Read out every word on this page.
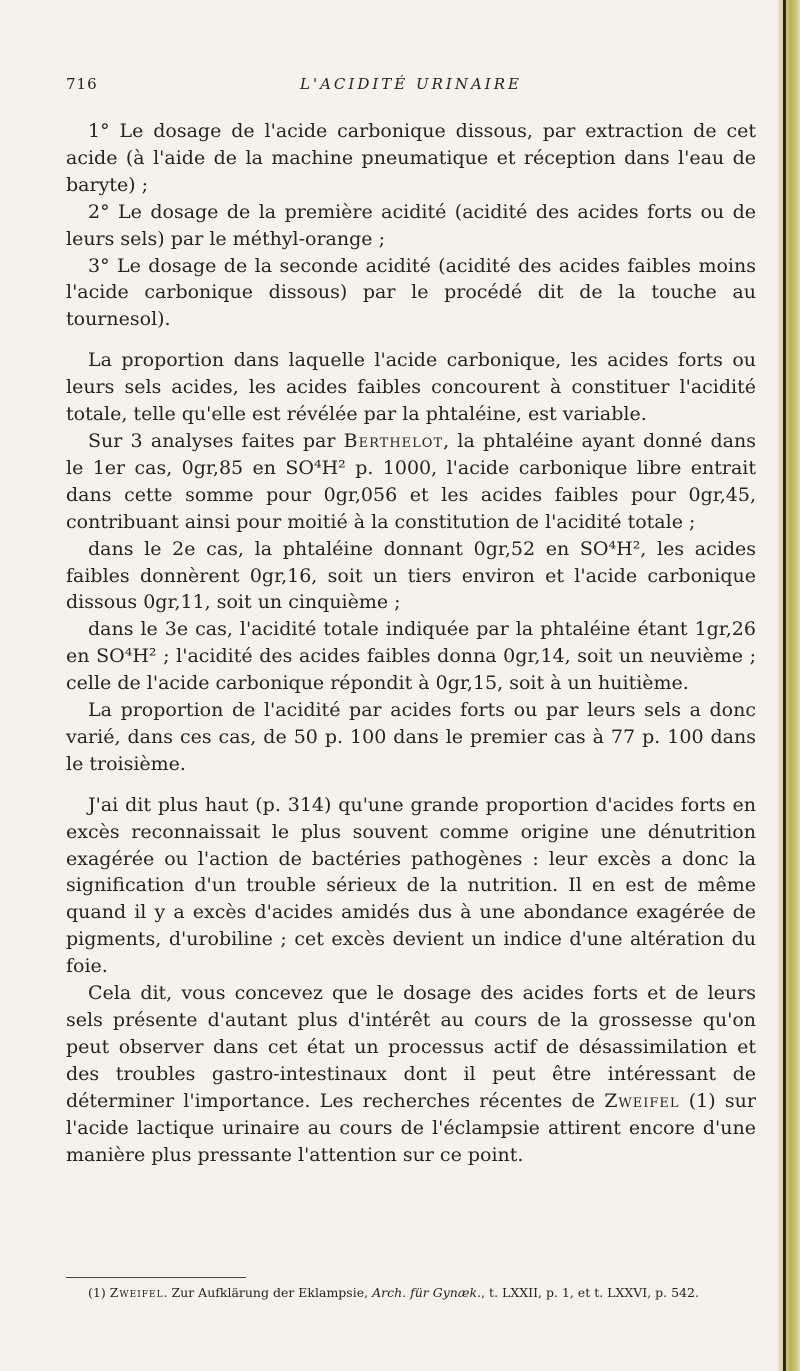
716	L'ACIDITÉ URINAIRE

1° Le dosage de l'acide carbonique dissous, par extraction de cet acide (à l'aide de la machine pneumatique et réception dans l'eau de baryte) ;

2° Le dosage de la première acidité (acidité des acides forts ou de leurs sels) par le méthyl-orange ;

3° Le dosage de la seconde acidité (acidité des acides faibles moins l'acide carbonique dissous) par le procédé dit de la touche au tournesol).

La proportion dans laquelle l'acide carbonique, les acides forts ou leurs sels acides, les acides faibles concourent à constituer l'acidité totale, telle qu'elle est révélée par la phtaléine, est variable.

Sur 3 analyses faites par Berthelot, la phtaléine ayant donné dans le 1er cas, 0gr,85 en SO⁴H² p. 1000, l'acide carbonique libre entrait dans cette somme pour 0gr,056 et les acides faibles pour 0gr,45, contribuant ainsi pour moitié à la constitution de l'acidité totale ;

dans le 2e cas, la phtaléine donnant 0gr,52 en SO⁴H², les acides faibles donnèrent 0gr,16, soit un tiers environ et l'acide carbonique dissous 0gr,11, soit un cinquième ;

dans le 3e cas, l'acidité totale indiquée par la phtaléine étant 1gr,26 en SO⁴H² ; l'acidité des acides faibles donna 0gr,14, soit un neuvième ; celle de l'acide carbonique répondit à 0gr,15, soit à un huitième.

La proportion de l'acidité par acides forts ou par leurs sels a donc varié, dans ces cas, de 50 p. 100 dans le premier cas à 77 p. 100 dans le troisième.

J'ai dit plus haut (p. 314) qu'une grande proportion d'acides forts en excès reconnaissait le plus souvent comme origine une dénutrition exagérée ou l'action de bactéries pathogènes : leur excès a donc la signification d'un trouble sérieux de la nutrition. Il en est de même quand il y a excès d'acides amidés dus à une abondance exagérée de pigments, d'urobiline ; cet excès devient un indice d'une altération du foie.

Cela dit, vous concevez que le dosage des acides forts et de leurs sels présente d'autant plus d'intérêt au cours de la grossesse qu'on peut observer dans cet état un processus actif de désassimilation et des troubles gastro-intestinaux dont il peut être intéressant de déterminer l'importance. Les recherches récentes de Zweifel (1) sur l'acide lactique urinaire au cours de l'éclampsie attirent encore d'une manière plus pressante l'attention sur ce point.

(1) Zweifel. Zur Aufklärung der Eklampsie, Arch. für Gynæk., t. LXXII, p. 1, et t. LXXVI, p. 542.
